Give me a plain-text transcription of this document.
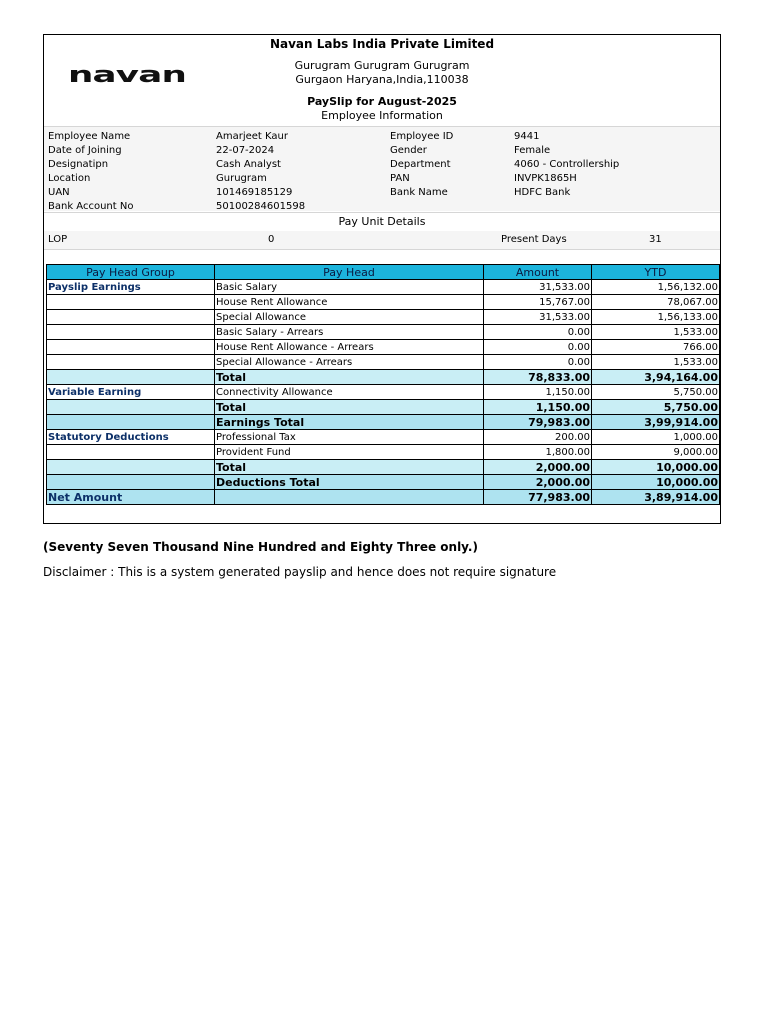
navan
Navan Labs India Private Limited
Gurugram Gurugram Gurugram
Gurgaon Haryana,India,110038
PaySlip for August-2025
Employee Information
Employee Name	Amarjeet Kaur	Employee ID	9441
Date of Joining	22-07-2024	Gender	Female
Designatipn	Cash Analyst	Department	4060 - Controllership
Location	Gurugram	PAN	INVPK1865H
UAN	101469185129	Bank Name	HDFC Bank
Bank Account No	50100284601598
Pay Unit Details
LOP	0	Present Days	31
Pay Head Group	Pay Head	Amount	YTD
Payslip Earnings	Basic Salary	31,533.00	1,56,132.00
	House Rent Allowance	15,767.00	78,067.00
	Special Allowance	31,533.00	1,56,133.00
	Basic Salary - Arrears	0.00	1,533.00
	House Rent Allowance - Arrears	0.00	766.00
	Special Allowance - Arrears	0.00	1,533.00
	Total	78,833.00	3,94,164.00
Variable Earning	Connectivity Allowance	1,150.00	5,750.00
	Total	1,150.00	5,750.00
	Earnings Total	79,983.00	3,99,914.00
Statutory Deductions	Professional Tax	200.00	1,000.00
	Provident Fund	1,800.00	9,000.00
	Total	2,000.00	10,000.00
	Deductions Total	2,000.00	10,000.00
Net Amount		77,983.00	3,89,914.00
(Seventy Seven Thousand Nine Hundred and Eighty Three only.)
Disclaimer : This is a system generated payslip and hence does not require signature
